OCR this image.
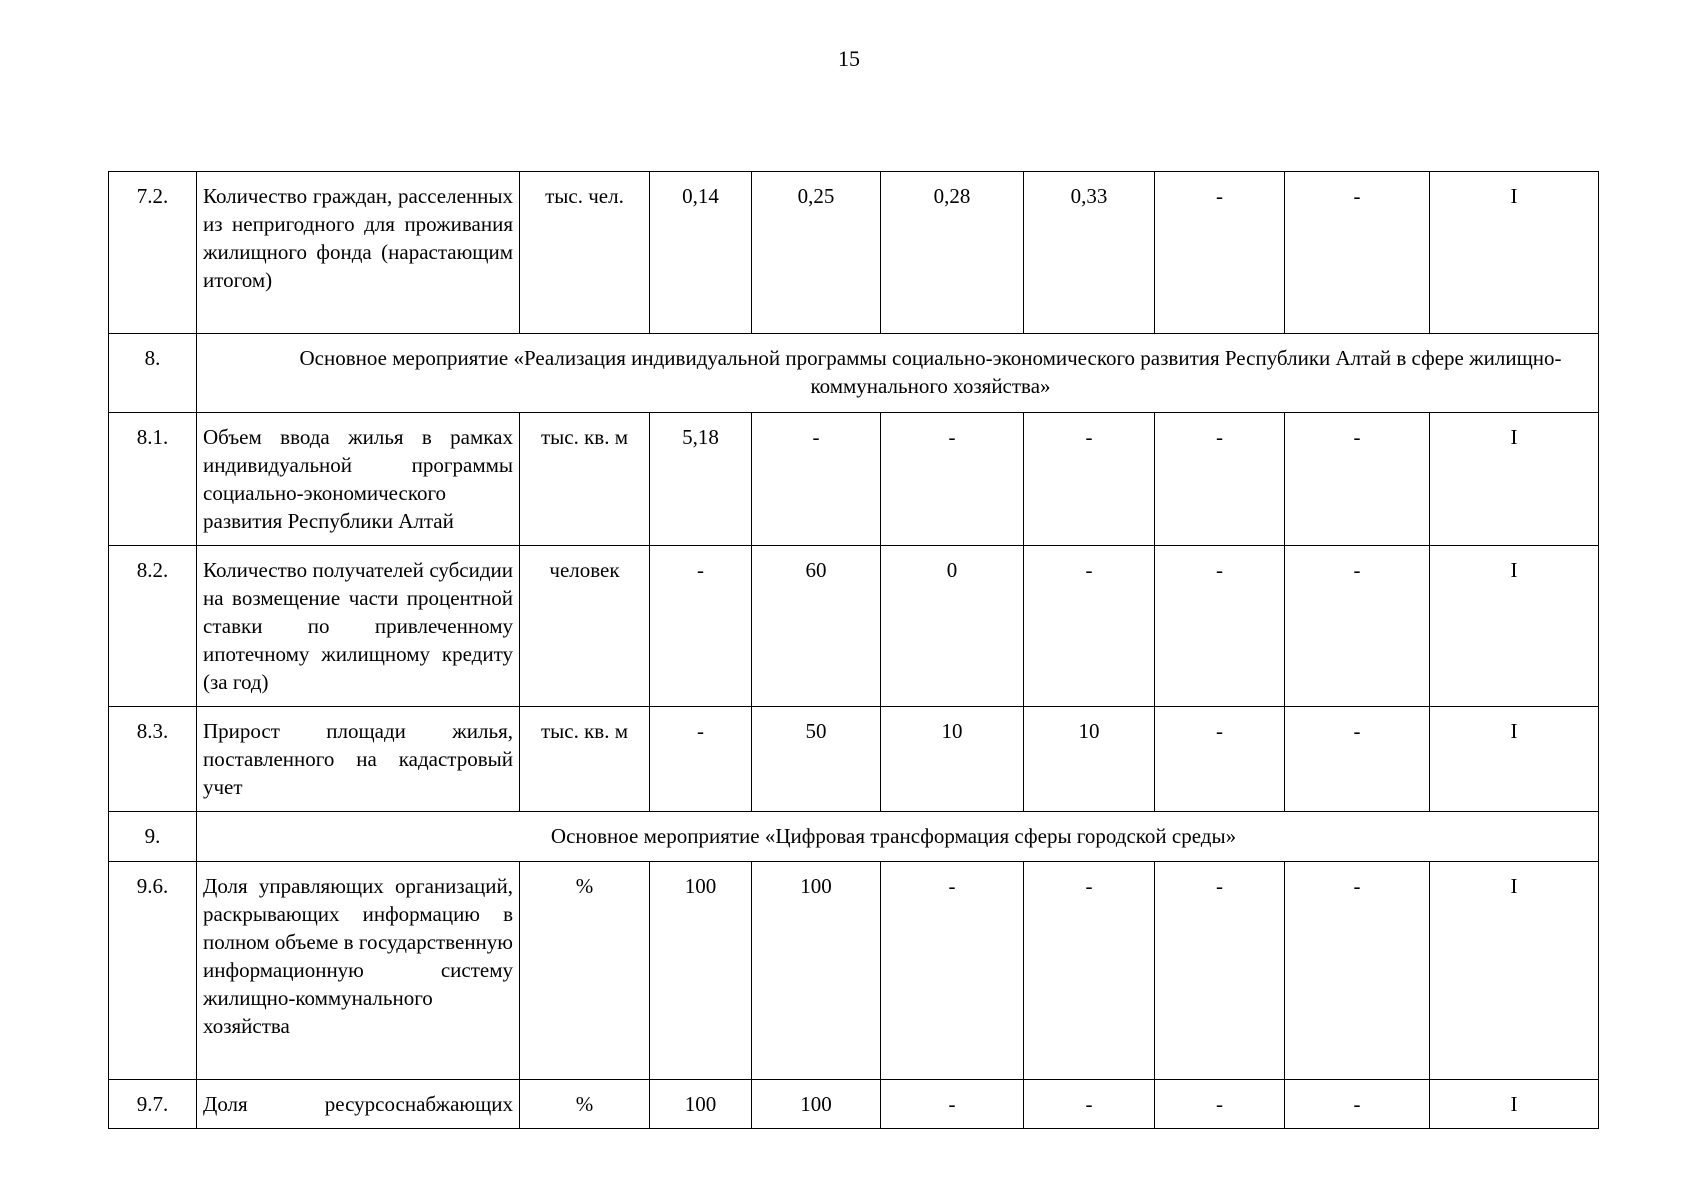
15
7.2.	Количество граждан, расселенных из непригодного для проживания жилищного фонда (нарастающим итогом)	тыс. чел.	0,14	0,25	0,28	0,33	-	-	I
8.	Основное мероприятие «Реализация индивидуальной программы социально-экономического развития Республики Алтай в сфере жилищно-коммунального хозяйства»								
8.1.	Объем ввода жилья в рамках индивидуальной программы социально-экономического развития Республики Алтай	тыс. кв. м	5,18	-	-	-	-	-	I
8.2.	Количество получателей субсидии на возмещение части процентной ставки по привлеченному ипотечному жилищному кредиту (за год)	человек	-	60	0	-	-	-	I
8.3.	Прирост площади жилья, поставленного на кадастровый учет	тыс. кв. м	-	50	10	10	-	-	I
9.	Основное мероприятие «Цифровая трансформация сферы городской среды»								
9.6.	Доля управляющих организаций, раскрывающих информацию в полном объеме в государственную информационную систему жилищно-коммунального хозяйства	%	100	100	-	-	-	-	I
9.7.	Доля ресурсоснабжающих	%	100	100	-	-	-	-	I
